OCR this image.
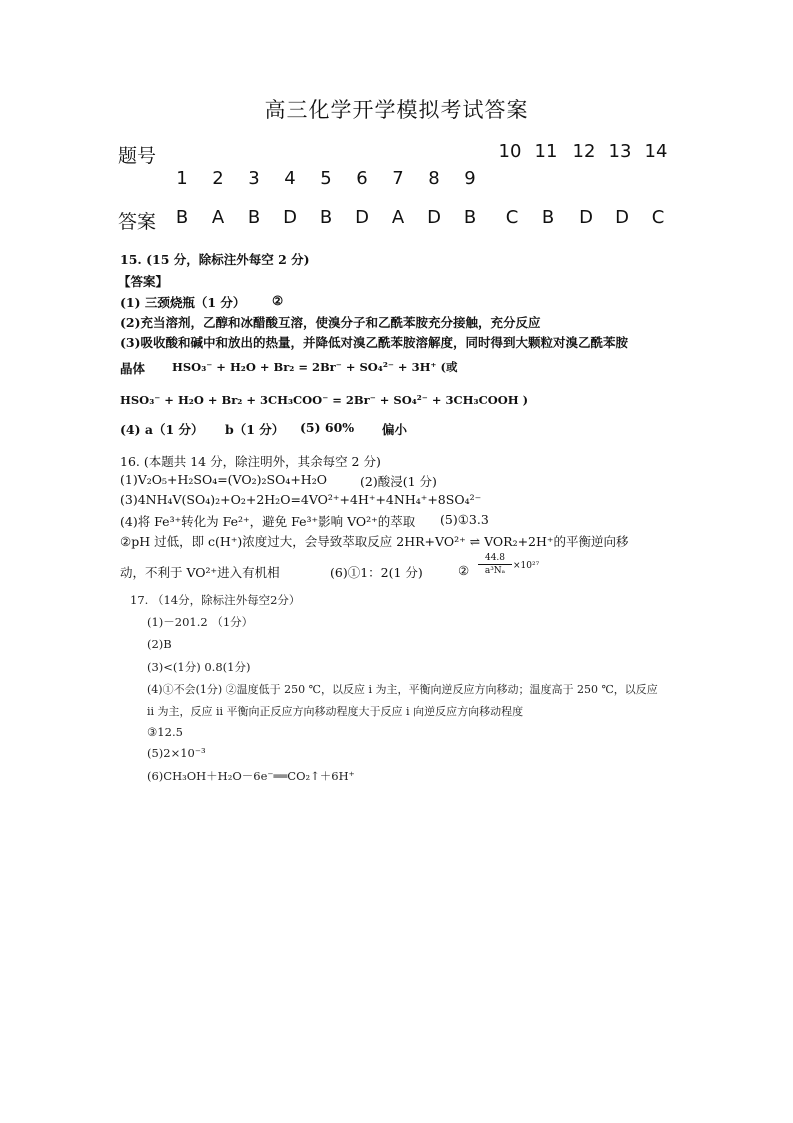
高三化学开学模拟考试答案
题号
1	2	3	4	5	6	7	8	9
10 11 12 13 14
答案	B	A	B	D	B	D	A	D	B	C	B	D	D	C
15. (15 分，除标注外每空 2 分)
【答案】
(1) 三颈烧瓶（1 分） ②
(2)充当溶剂，乙醇和冰醋酸互溶，使溴分子和乙酰苯胺充分接触，充分反应
(3)吸收酸和碱中和放出的热量，并降低对溴乙酰苯胺溶解度，同时得到大颗粒对溴乙酰苯胺
晶体 HSO₃⁻ + H₂O + Br₂ = 2Br⁻ + SO₄²⁻ + 3H⁺ (或
HSO₃⁻ + H₂O + Br₂ + 3CH₃COO⁻ = 2Br⁻ + SO₄²⁻ + 3CH₃COOH )
(4) a（1 分） b（1 分） (5) 60% 偏小
16. (本题共 14 分，除注明外，其余每空 2 分)
(1)V₂O₅+H₂SO₄=(VO₂)₂SO₄+H₂O	(2)酸浸(1 分)
(3)4NH₄V(SO₄)₂+O₂+2H₂O=4VO²⁺+4H⁺+4NH₄⁺+8SO₄²⁻
(4)将 Fe³⁺转化为 Fe²⁺，避免 Fe³⁺影响 VO²⁺的萃取 (5)①3.3
②pH 过低，即 c(H⁺)浓度过大，会导致萃取反应 2HR+VO²⁺ ⇌ VOR₂+2H⁺的平衡逆向移
动，不利于 VO²⁺进入有机相	(6)①1：2(1 分)	② $\frac{44.8}{\text{a³Nₐ}} \times 10^{27}$
17. （14分，除标注外每空2分）
(1)－201.2 （1分）
(2)B
(3)<(1分) 0.8(1分)
(4)①不会(1分) ②温度低于 250 ℃，以反应 i 为主，平衡向逆反应方向移动；温度高于 250 ℃，以反应
ii 为主，反应 ii 平衡向正反应方向移动程度大于反应 i 向逆反应方向移动程度
③12.5
(5)2×10⁻³
(6)CH₃OH＋H₂O－6e⁻══CO₂↑＋6H⁺
